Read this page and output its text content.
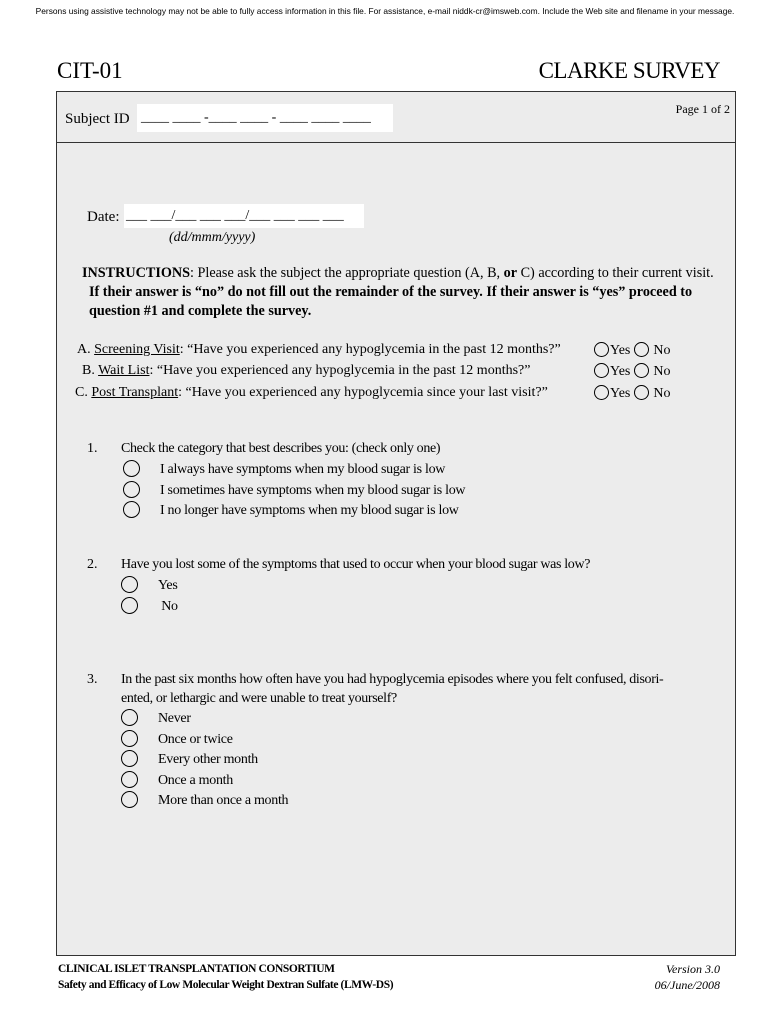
Persons using assistive technology may not be able to fully access information in this file. For assistance, e-mail niddk-cr@imsweb.com. Include the Web site and filename in your message.
CIT-01	CLARKE SURVEY
Subject ID ____ ____ -____ ____ - ____ ____ ____
Page 1 of 2
Date: ___ ___/___ ___ ___/___ ___ ___ ___
(dd/mmm/yyyy)
INSTRUCTIONS: Please ask the subject the appropriate question (A, B, or C) according to their current visit.
If their answer is “no” do not fill out the remainder of the survey. If their answer is “yes” proceed to
question #1 and complete the survey.
A. Screening Visit: “Have you experienced any hypoglycemia in the past 12 months?”	Yes No
B. Wait List: “Have you experienced any hypoglycemia in the past 12 months?”	Yes No
C. Post Transplant: “Have you experienced any hypoglycemia since your last visit?”	Yes No
1. Check the category that best describes you: (check only one)
I always have symptoms when my blood sugar is low
I sometimes have symptoms when my blood sugar is low
I no longer have symptoms when my blood sugar is low
2. Have you lost some of the symptoms that used to occur when your blood sugar was low?
Yes
No
3. In the past six months how often have you had hypoglycemia episodes where you felt confused, disori-
ented, or lethargic and were unable to treat yourself?
Never
Once or twice
Every other month
Once a month
More than once a month
CLINICAL ISLET TRANSPLANTATION CONSORTIUM
Safety and Efficacy of Low Molecular Weight Dextran Sulfate (LMW-DS)
Version 3.0
06/June/2008
